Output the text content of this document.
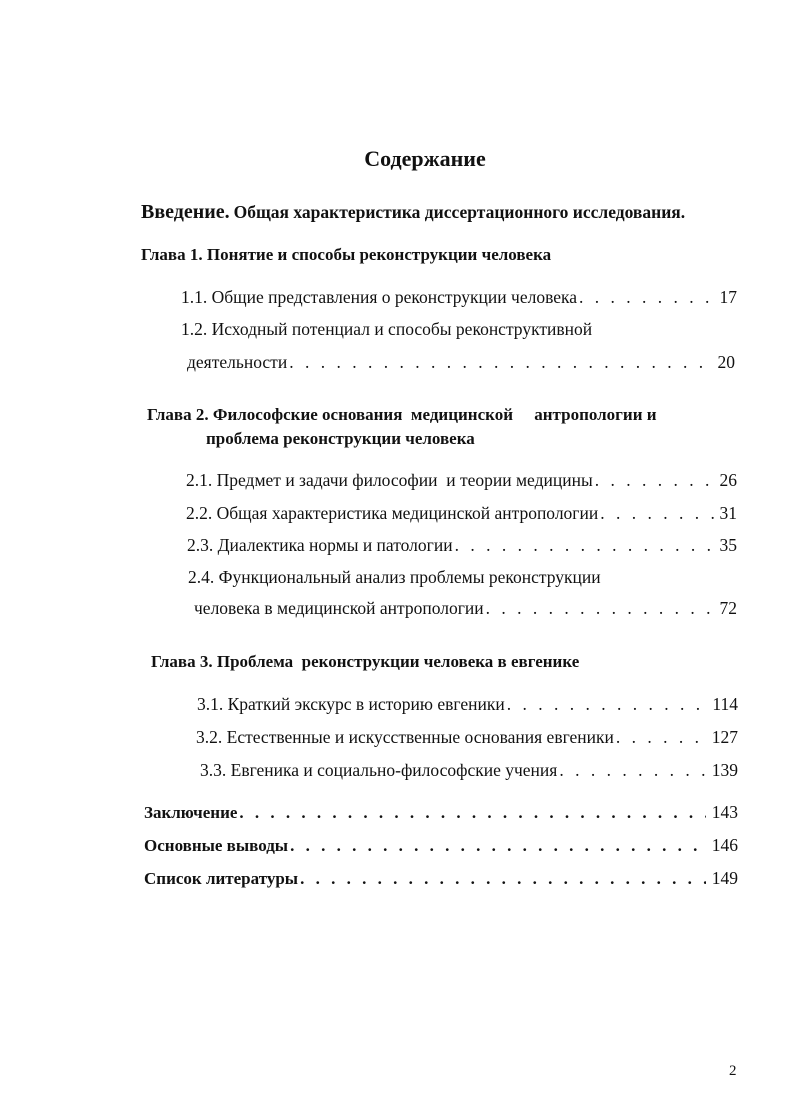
Содержание
Введение. Общая характеристика диссертационного исследования.
Глава 1. Понятие и способы реконструкции человека
1.1. Общие представления о реконструкции человека . . .	17
1.2. Исходный потенциал и способы реконструктивной
деятельности . . .	20
Глава 2. Философские основания  медицинской     антропологии и
проблема реконструкции человека
2.1. Предмет и задачи философии  и теории медицины . . .	26
2.2. Общая характеристика медицинской антропологии . . .	31
2.3. Диалектика нормы и патологии . . .	35
2.4. Функциональный анализ проблемы реконструкции
человека в медицинской антропологии . . .	72
Глава 3. Проблема  реконструкции человека в евгенике
3.1. Краткий экскурс в историю евгеники . . .	114
3.2. Естественные и искусственные основания евгеники . . .	127
3.3. Евгеника и социально-философские учения . . .	139
Заключение . . .	143
Основные выводы . . .	146
Список литературы . . .	149
2
